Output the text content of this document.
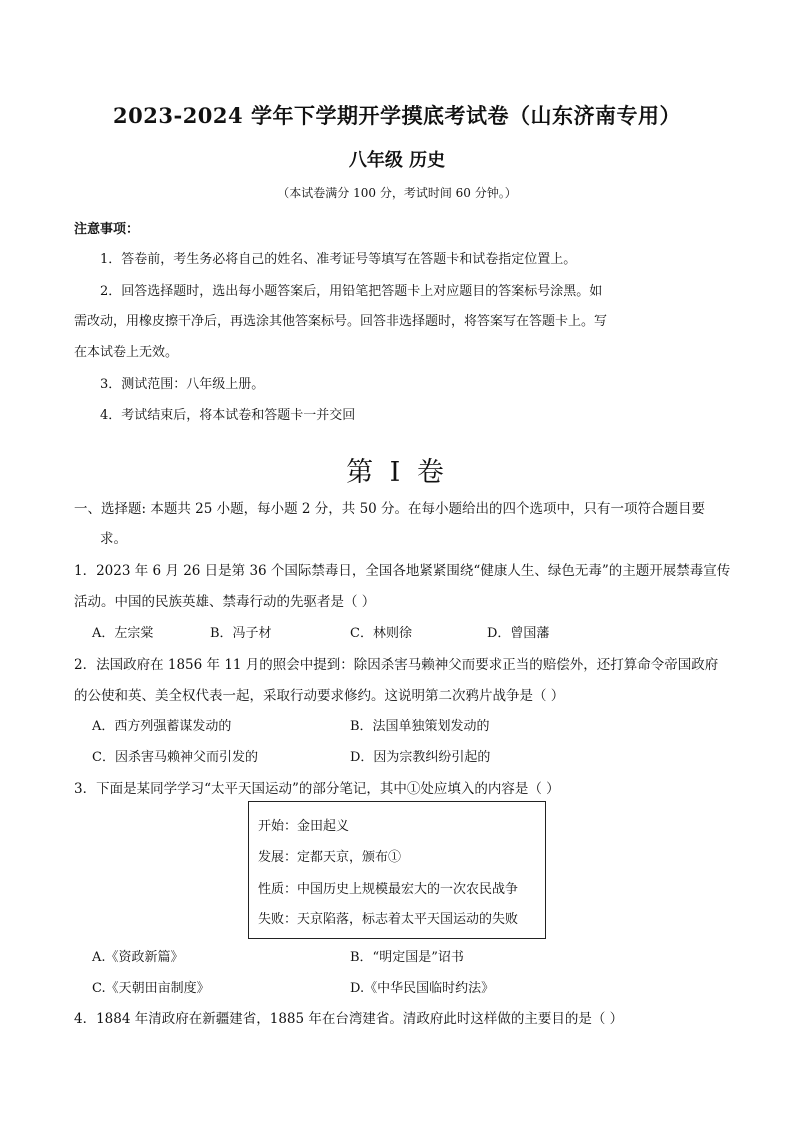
2023-2024 学年下学期开学摸底考试卷（山东济南专用）
八年级 历史
（本试卷满分 100 分，考试时间 60 分钟。）
注意事项：
1．答卷前，考生务必将自己的姓名、准考证号等填写在答题卡和试卷指定位置上。
2．回答选择题时，选出每小题答案后，用铅笔把答题卡上对应题目的答案标号涂黑。如
需改动，用橡皮擦干净后，再选涂其他答案标号。回答非选择题时，将答案写在答题卡上。写
在本试卷上无效。
3．测试范围：八年级上册。
4．考试结束后，将本试卷和答题卡一并交回
第 I 卷
一、选择题: 本题共 25 小题，每小题 2 分，共 50 分。在每小题给出的四个选项中，只有一项符合题目要
求。
1．2023 年 6 月 26 日是第 36 个国际禁毒日，全国各地紧紧围绕“健康人生、绿色无毒”的主题开展禁毒宣传
活动。中国的民族英雄、禁毒行动的先驱者是（ ）
A．左宗棠	B．冯子材	C．林则徐	D．曾国藩
2．法国政府在 1856 年 11 月的照会中提到：除因杀害马赖神父而要求正当的赔偿外，还打算命令帝国政府
的公使和英、美全权代表一起，采取行动要求修约。这说明第二次鸦片战争是（ ）
A．西方列强蓄谋发动的	B．法国单独策划发动的
C．因杀害马赖神父而引发的	D．因为宗教纠纷引起的
3．下面是某同学学习“太平天国运动”的部分笔记，其中①处应填入的内容是（ ）
开始：金田起义
发展：定都天京，颁布①
性质：中国历史上规模最宏大的一次农民战争
失败：天京陷落，标志着太平天国运动的失败
A.《资政新篇》	B．“明定国是”诏书
C.《天朝田亩制度》	D.《中华民国临时约法》
4．1884 年清政府在新疆建省，1885 年在台湾建省。清政府此时这样做的主要目的是（ ）
